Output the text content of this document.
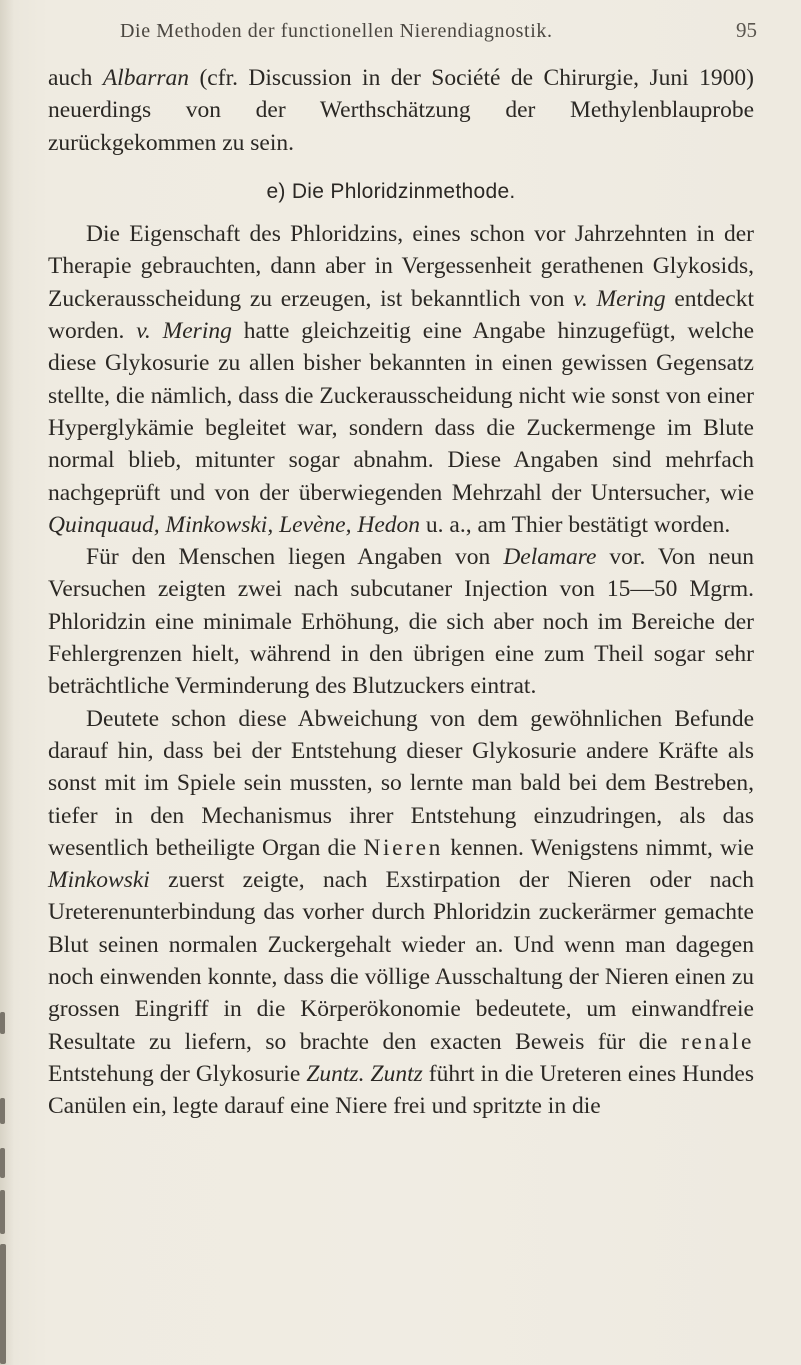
Die Methoden der functionellen Nierendiagnostik.	95

auch Albarran (cfr. Discussion in der Société de Chirurgie, Juni 1900) neuerdings von der Werthschätzung der Methylenblauprobe zurückgekommen zu sein.

e) Die Phloridzinmethode.

Die Eigenschaft des Phloridzins, eines schon vor Jahrzehnten in der Therapie gebrauchten, dann aber in Vergessenheit gerathenen Glykosids, Zuckerausscheidung zu erzeugen, ist bekanntlich von v. Mering entdeckt worden. v. Mering hatte gleichzeitig eine Angabe hinzugefügt, welche diese Glykosurie zu allen bisher bekannten in einen gewissen Gegensatz stellte, die nämlich, dass die Zuckerausscheidung nicht wie sonst von einer Hyperglykämie begleitet war, sondern dass die Zuckermenge im Blute normal blieb, mitunter sogar abnahm. Diese Angaben sind mehrfach nachgeprüft und von der überwiegenden Mehrzahl der Untersucher, wie Quinquaud, Minkowski, Levène, Hedon u. a., am Thier bestätigt worden.

Für den Menschen liegen Angaben von Delamare vor. Von neun Versuchen zeigten zwei nach subcutaner Injection von 15—50 Mgrm. Phloridzin eine minimale Erhöhung, die sich aber noch im Bereiche der Fehlergrenzen hielt, während in den übrigen eine zum Theil sogar sehr beträchtliche Verminderung des Blutzuckers eintrat.

Deutete schon diese Abweichung von dem gewöhnlichen Befunde darauf hin, dass bei der Entstehung dieser Glykosurie andere Kräfte als sonst mit im Spiele sein mussten, so lernte man bald bei dem Bestreben, tiefer in den Mechanismus ihrer Entstehung einzudringen, als das wesentlich betheiligte Organ die Nieren kennen. Wenigstens nimmt, wie Minkowski zuerst zeigte, nach Exstirpation der Nieren oder nach Ureterenunterbindung das vorher durch Phloridzin zuckerärmer gemachte Blut seinen normalen Zuckergehalt wieder an. Und wenn man dagegen noch einwenden konnte, dass die völlige Ausschaltung der Nieren einen zu grossen Eingriff in die Körperökonomie bedeutete, um einwandfreie Resultate zu liefern, so brachte den exacten Beweis für die renale Entstehung der Glykosurie Zuntz. Zuntz führt in die Ureteren eines Hundes Canülen ein, legte darauf eine Niere frei und spritzte in die
